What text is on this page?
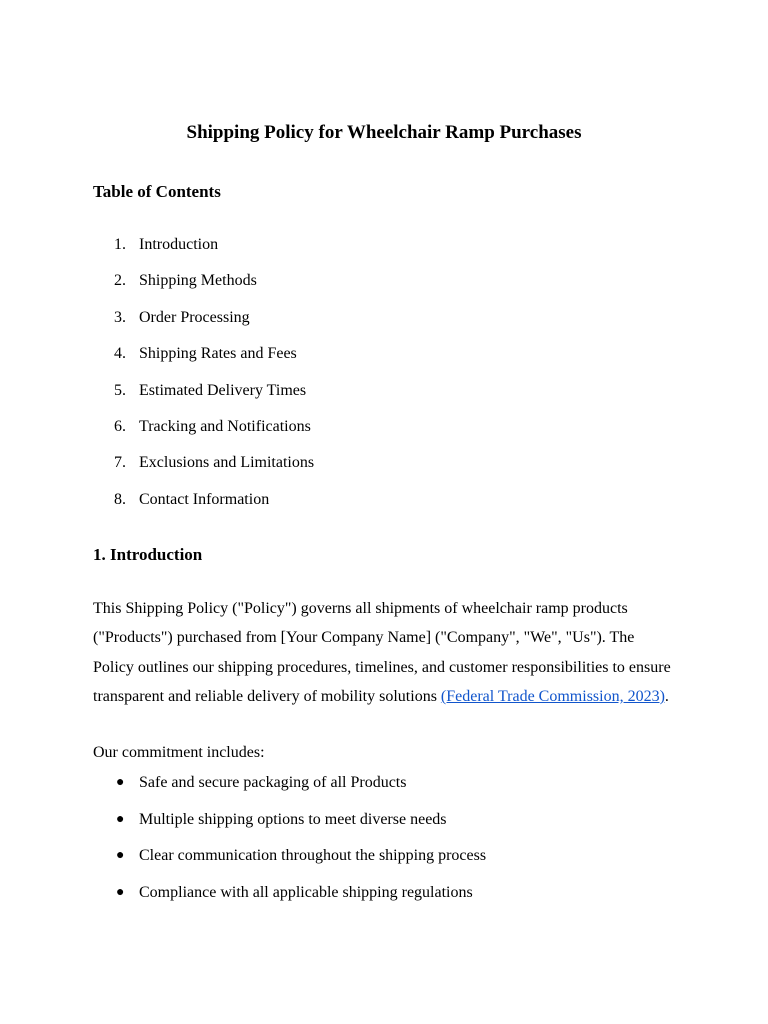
Shipping Policy for Wheelchair Ramp Purchases
Table of Contents
1. Introduction
2. Shipping Methods
3. Order Processing
4. Shipping Rates and Fees
5. Estimated Delivery Times
6. Tracking and Notifications
7. Exclusions and Limitations
8. Contact Information
1. Introduction

This Shipping Policy ("Policy") governs all shipments of wheelchair ramp products ("Products") purchased from [Your Company Name] ("Company", "We", "Us"). The Policy outlines our shipping procedures, timelines, and customer responsibilities to ensure transparent and reliable delivery of mobility solutions (Federal Trade Commission, 2023).

Our commitment includes:

● Safe and secure packaging of all Products
● Multiple shipping options to meet diverse needs
● Clear communication throughout the shipping process
● Compliance with all applicable shipping regulations
